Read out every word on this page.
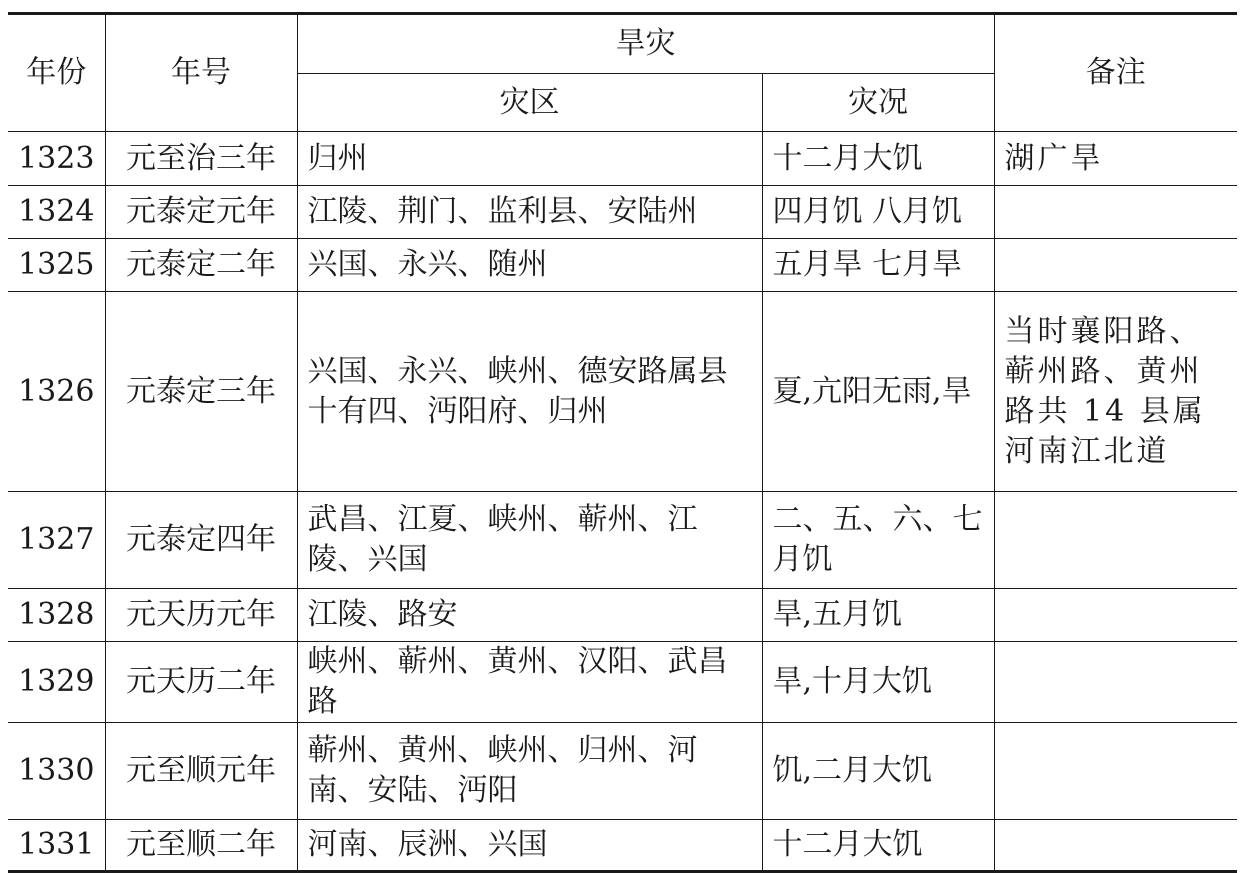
年份	年号	旱灾		备注
		灾区	灾况	
1323	元至治三年	归州	十二月大饥	湖广旱
1324	元泰定元年	江陵、荆门、监利县、安陆州	四月饥 八月饥	
1325	元泰定二年	兴国、永兴、随州	五月旱 七月旱	
1326	元泰定三年	兴国、永兴、峡州、德安路属县十有四、沔阳府、归州	夏,亢阳无雨,旱	当时襄阳路、蕲州路、黄州路共 14 县属河南江北道
1327	元泰定四年	武昌、江夏、峡州、蕲州、江陵、兴国	二、五、六、七月饥	
1328	元天历元年	江陵、路安	旱,五月饥	
1329	元天历二年	峡州、蕲州、黄州、汉阳、武昌路	旱,十月大饥	
1330	元至顺元年	蕲州、黄州、峡州、归州、河南、安陆、沔阳	饥,二月大饥	
1331	元至顺二年	河南、辰洲、兴国	十二月大饥	
